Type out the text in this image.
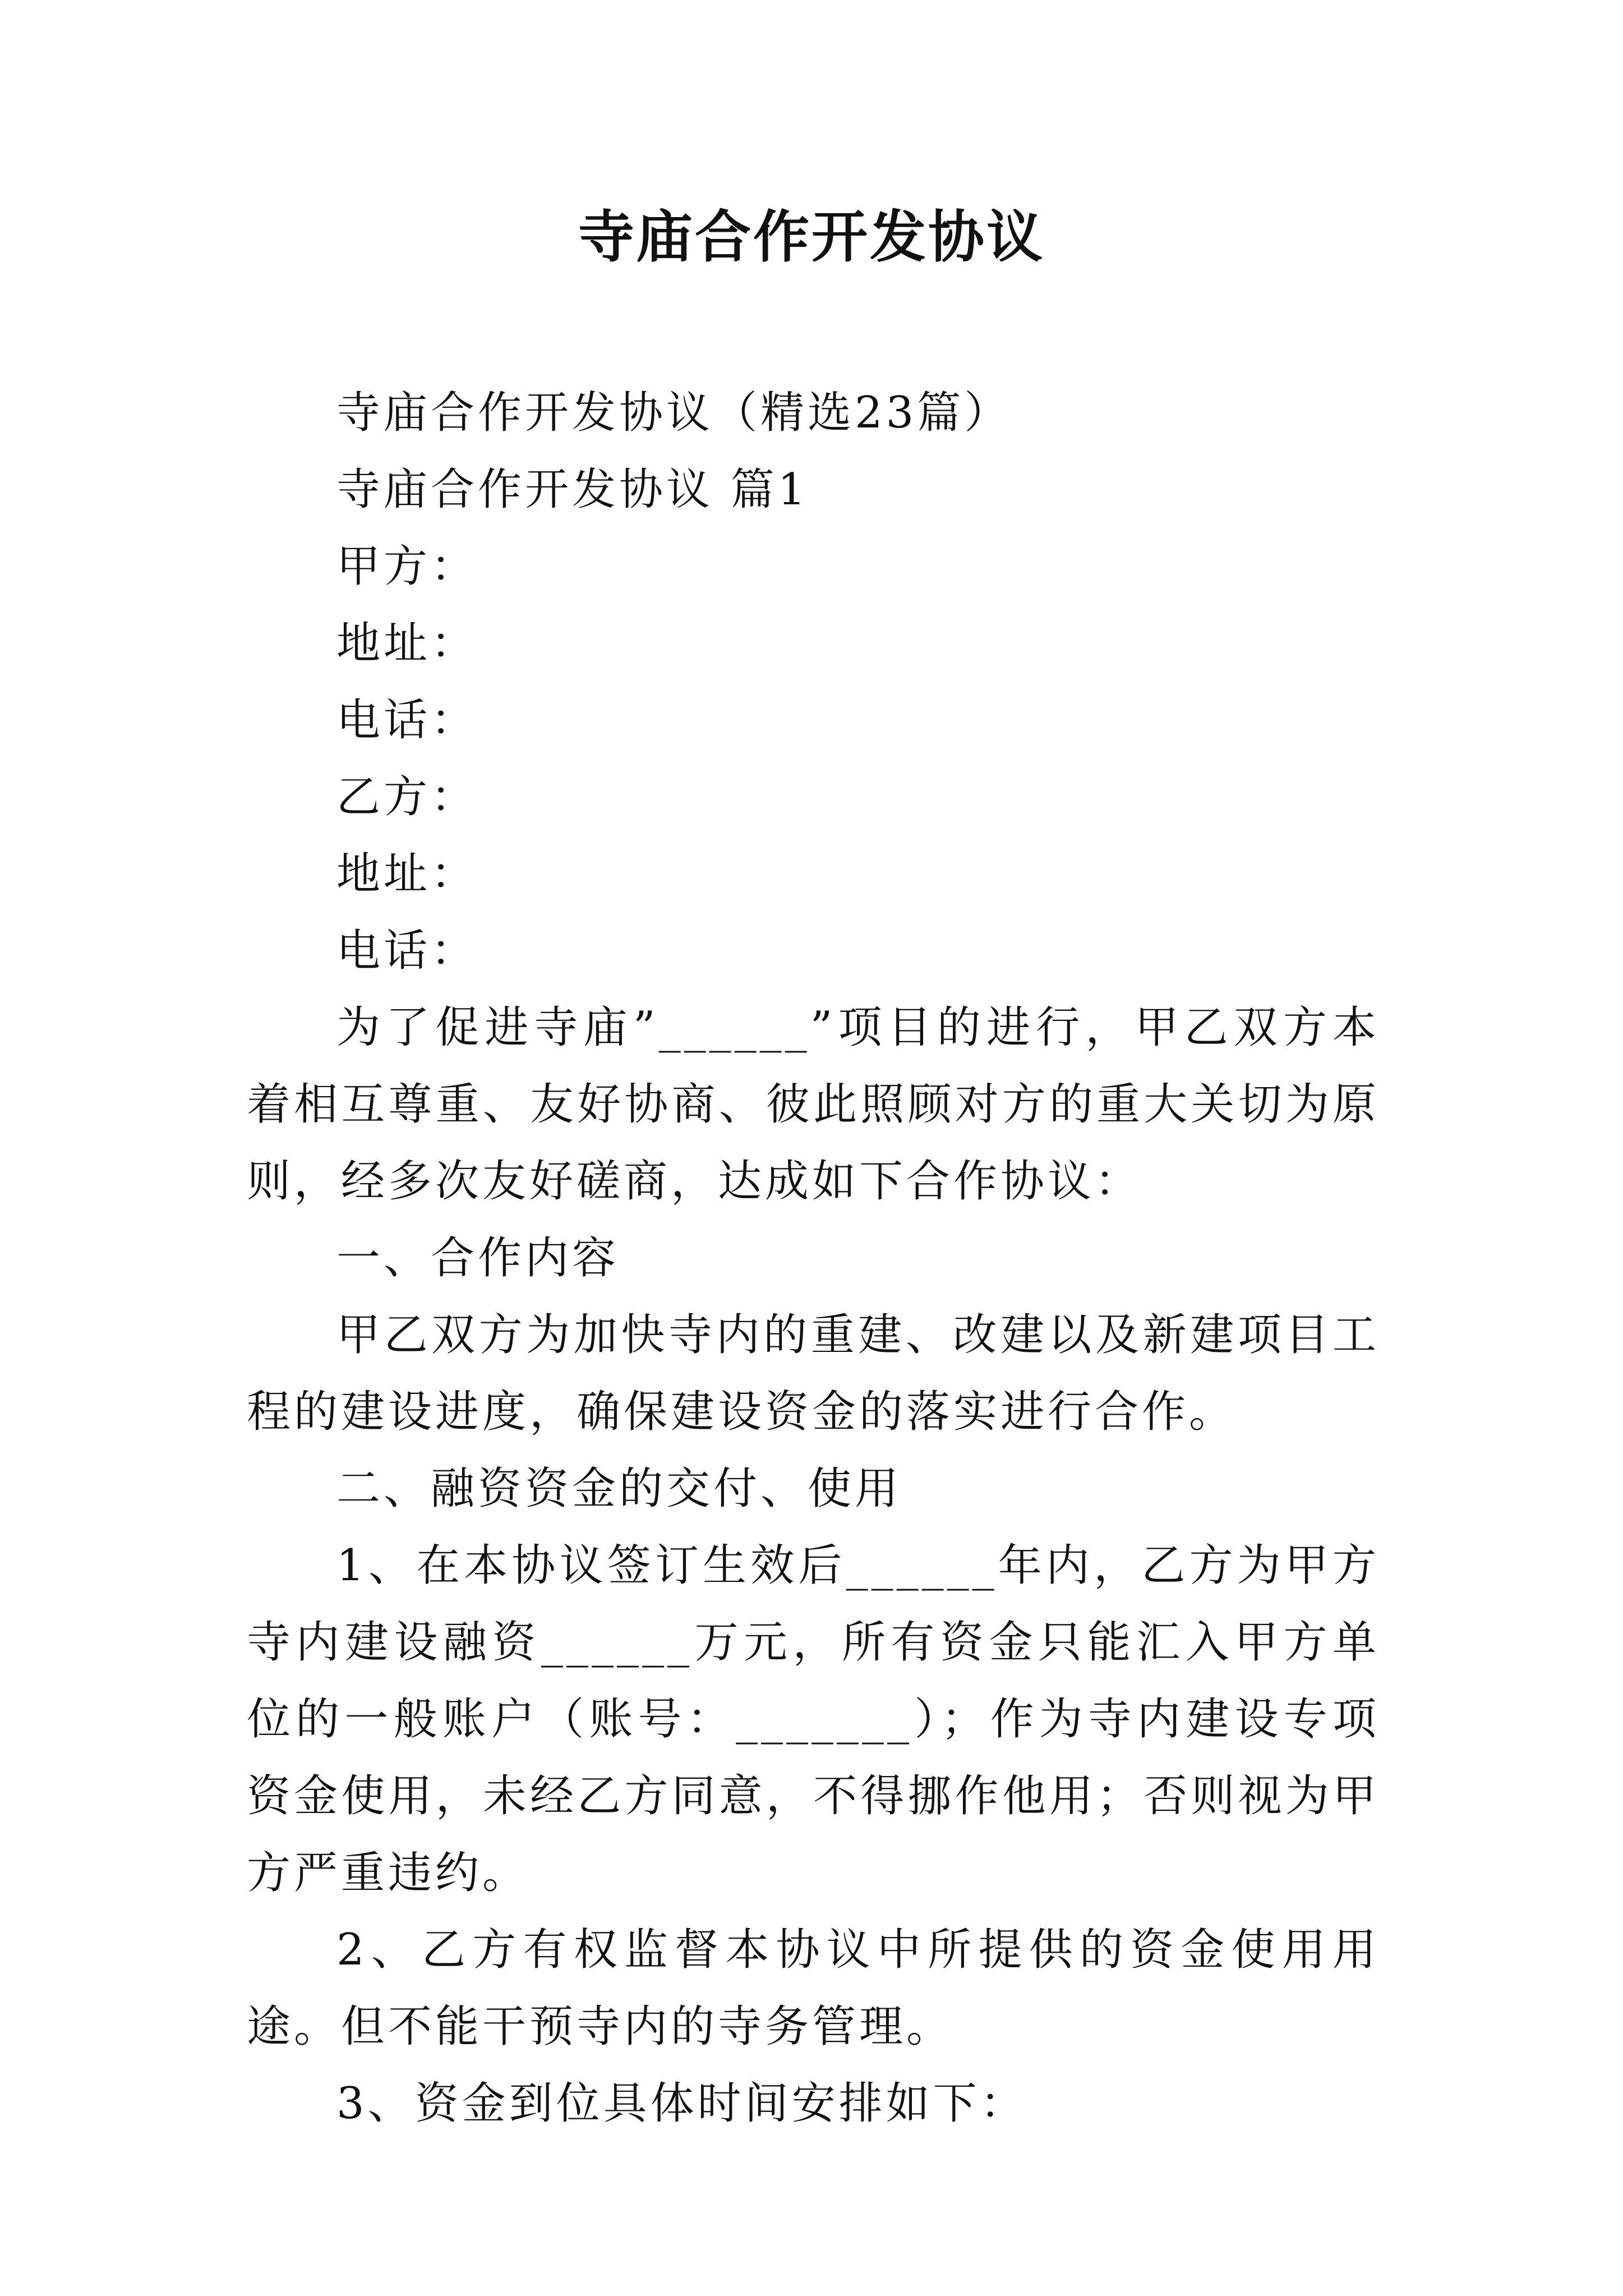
寺庙合作开发协议

寺庙合作开发协议（精选23篇）

寺庙合作开发协议 篇1

甲方：

地址：

电话：

乙方：

地址：

电话：

为了促进寺庙”______”项目的进行，甲乙双方本着相互尊重、友好协商、彼此照顾对方的重大关切为原则，经多次友好磋商，达成如下合作协议：

一、合作内容

甲乙双方为加快寺内的重建、改建以及新建项目工程的建设进度，确保建设资金的落实进行合作。

二、融资资金的交付、使用

1、在本协议签订生效后______年内，乙方为甲方寺内建设融资______万元，所有资金只能汇入甲方单位的一般账户（账号：_______）；作为寺内建设专项资金使用，未经乙方同意，不得挪作他用；否则视为甲方严重违约。

2、乙方有权监督本协议中所提供的资金使用用途。但不能干预寺内的寺务管理。

3、资金到位具体时间安排如下：
